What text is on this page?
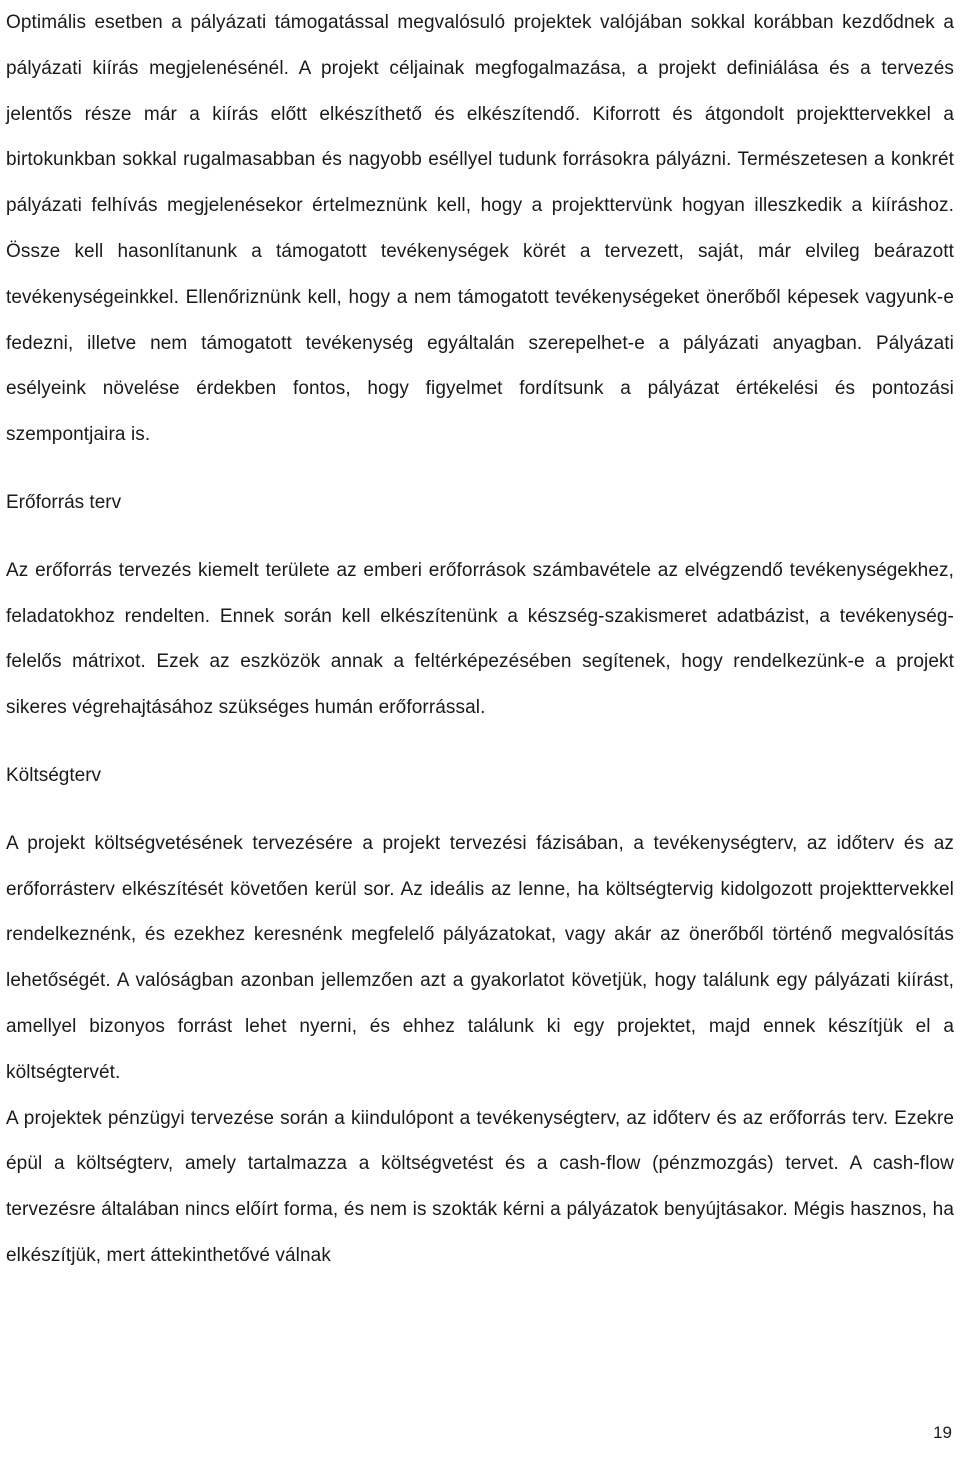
Optimális esetben a pályázati támogatással megvalósuló projektek valójában sokkal korábban kezdődnek a pályázati kiírás megjelenésénél. A projekt céljainak megfogalmazása, a projekt definiálása és a tervezés jelentős része már a kiírás előtt elkészíthető és elkészítendő. Kiforrott és átgondolt projekttervekkel a birtokunkban sokkal rugalmasabban és nagyobb eséllyel tudunk forrásokra pályázni. Természetesen a konkrét pályázati felhívás megjelenésekor értelmeznünk kell, hogy a projekttervünk hogyan illeszkedik a kiíráshoz. Össze kell hasonlítanunk a támogatott tevékenységek körét a tervezett, saját, már elvileg beárazott tevékenységeinkkel. Ellenőriznünk kell, hogy a nem támogatott tevékenységeket önerőből képesek vagyunk-e fedezni, illetve nem támogatott tevékenység egyáltalán szerepelhet-e a pályázati anyagban. Pályázati esélyeink növelése érdekben fontos, hogy figyelmet fordítsunk a pályázat értékelési és pontozási szempontjaira is.

Erőforrás terv

Az erőforrás tervezés kiemelt területe az emberi erőforrások számbavétele az elvégzendő tevékenységekhez, feladatokhoz rendelten. Ennek során kell elkészítenünk a készség-szakismeret adatbázist, a tevékenység-felelős mátrixot. Ezek az eszközök annak a feltérképezésében segítenek, hogy rendelkezünk-e a projekt sikeres végrehajtásához szükséges humán erőforrással.

Költségterv

A projekt költségvetésének tervezésére a projekt tervezési fázisában, a tevékenységterv, az időterv és az erőforrásterv elkészítését követően kerül sor. Az ideális az lenne, ha költségtervig kidolgozott projekttervekkel rendelkeznénk, és ezekhez keresnénk megfelelő pályázatokat, vagy akár az önerőből történő megvalósítás lehetőségét. A valóságban azonban jellemzően azt a gyakorlatot követjük, hogy találunk egy pályázati kiírást, amellyel bizonyos forrást lehet nyerni, és ehhez találunk ki egy projektet, majd ennek készítjük el a költségtervét.

A projektek pénzügyi tervezése során a kiindulópont a tevékenységterv, az időterv és az erőforrás terv. Ezekre épül a költségterv, amely tartalmazza a költségvetést és a cash-flow (pénzmozgás) tervet. A cash-flow tervezésre általában nincs előírt forma, és nem is szokták kérni a pályázatok benyújtásakor. Mégis hasznos, ha elkészítjük, mert áttekinthetővé válnak

19
